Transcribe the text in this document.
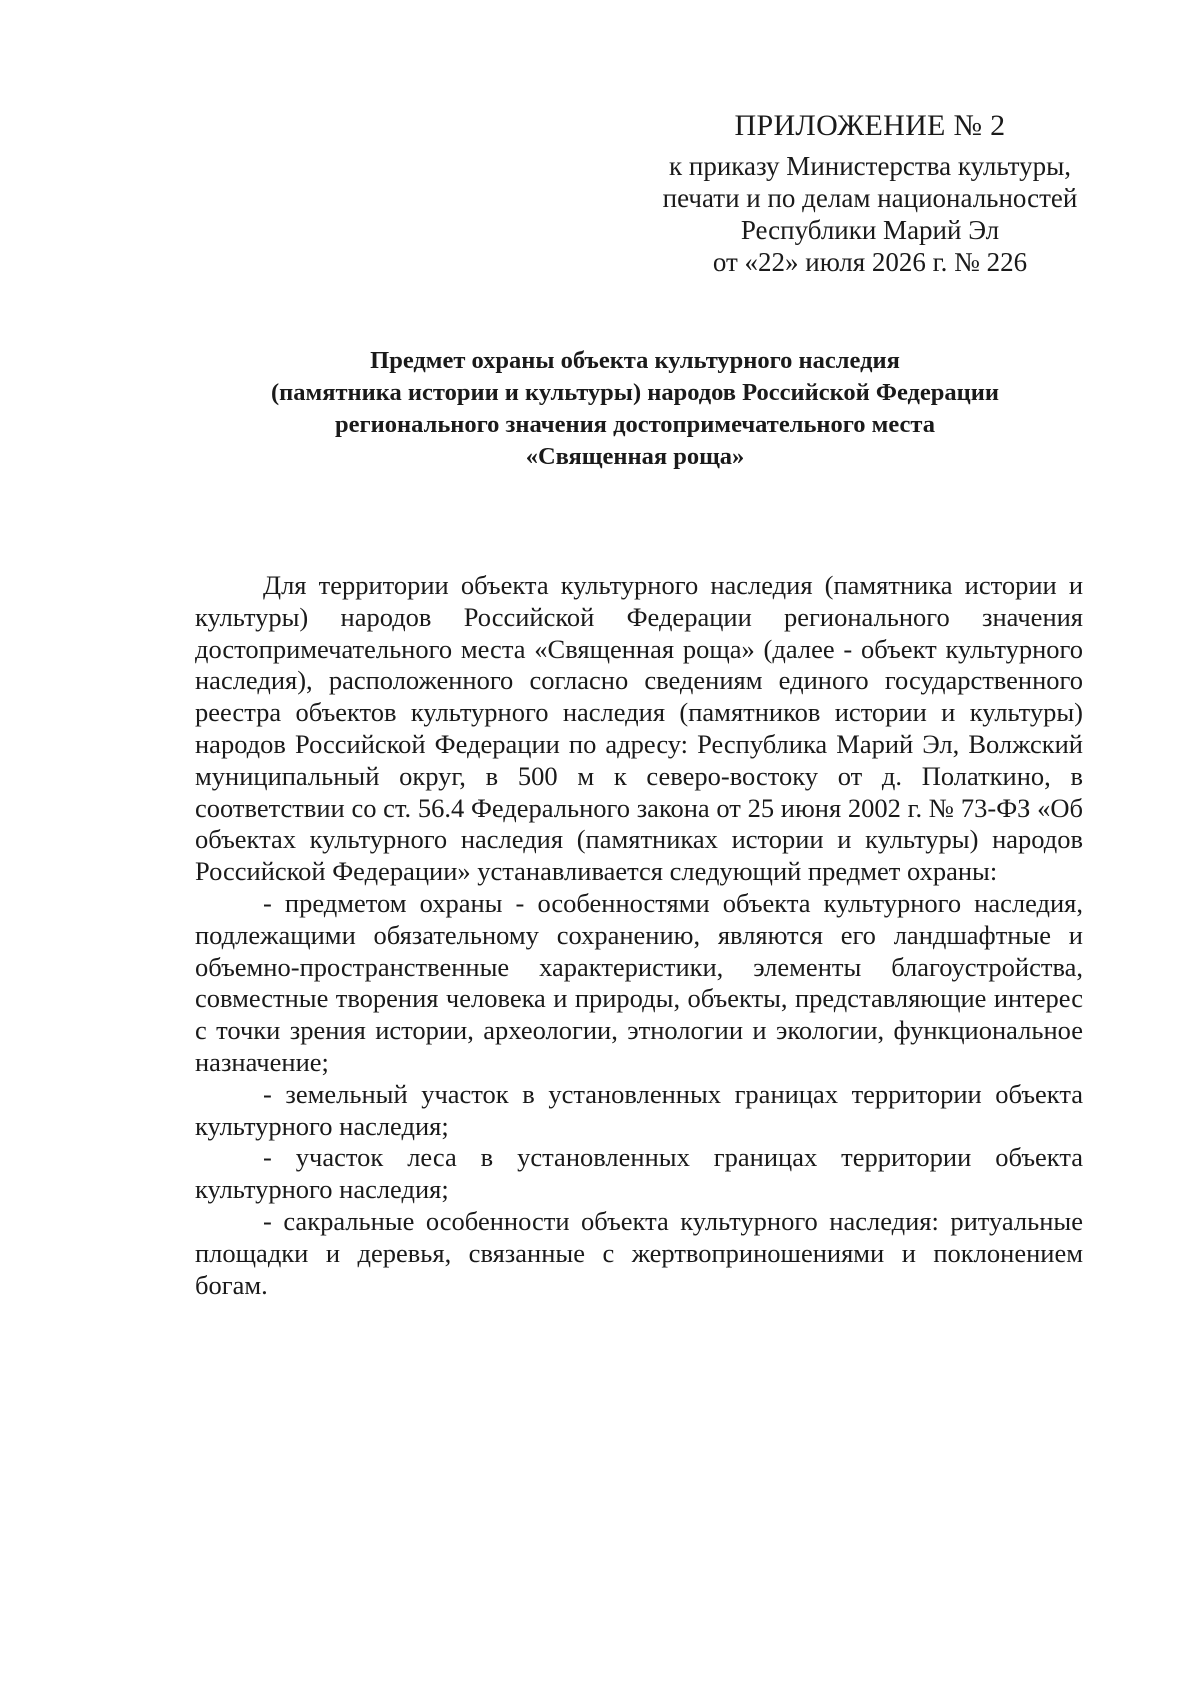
ПРИЛОЖЕНИЕ № 2
к приказу Министерства культуры,
печати и по делам национальностей
Республики Марий Эл
от «22» июля 2026 г. № 226
Предмет охраны объекта культурного наследия
(памятника истории и культуры) народов Российской Федерации
регионального значения достопримечательного места
«Священная роща»

Для территории объекта культурного наследия (памятника истории и культуры) народов Российской Федерации регионального значения достопримечательного места «Священная роща» (далее - объект культурного наследия), расположенного согласно сведениям единого государственного реестра объектов культурного наследия (памятников истории и культуры) народов Российской Федерации по адресу: Республика Марий Эл, Волжский муниципальный округ, в 500 м к северо-востоку от д. Полаткино, в соответствии со ст. 56.4 Федерального закона от 25 июня 2002 г. № 73-ФЗ «Об объектах культурного наследия (памятниках истории и культуры) народов Российской Федерации» устанавливается следующий предмет охраны:

- предметом охраны - особенностями объекта культурного наследия, подлежащими обязательному сохранению, являются его ландшафтные и объемно-пространственные характеристики, элементы благоустройства, совместные творения человека и природы, объекты, представляющие интерес с точки зрения истории, археологии, этнологии и экологии, функциональное назначение;

- земельный участок в установленных границах территории объекта культурного наследия;

- участок леса в установленных границах территории объекта культурного наследия;

- сакральные особенности объекта культурного наследия: ритуальные площадки и деревья, связанные с жертвоприношениями и поклонением богам.
